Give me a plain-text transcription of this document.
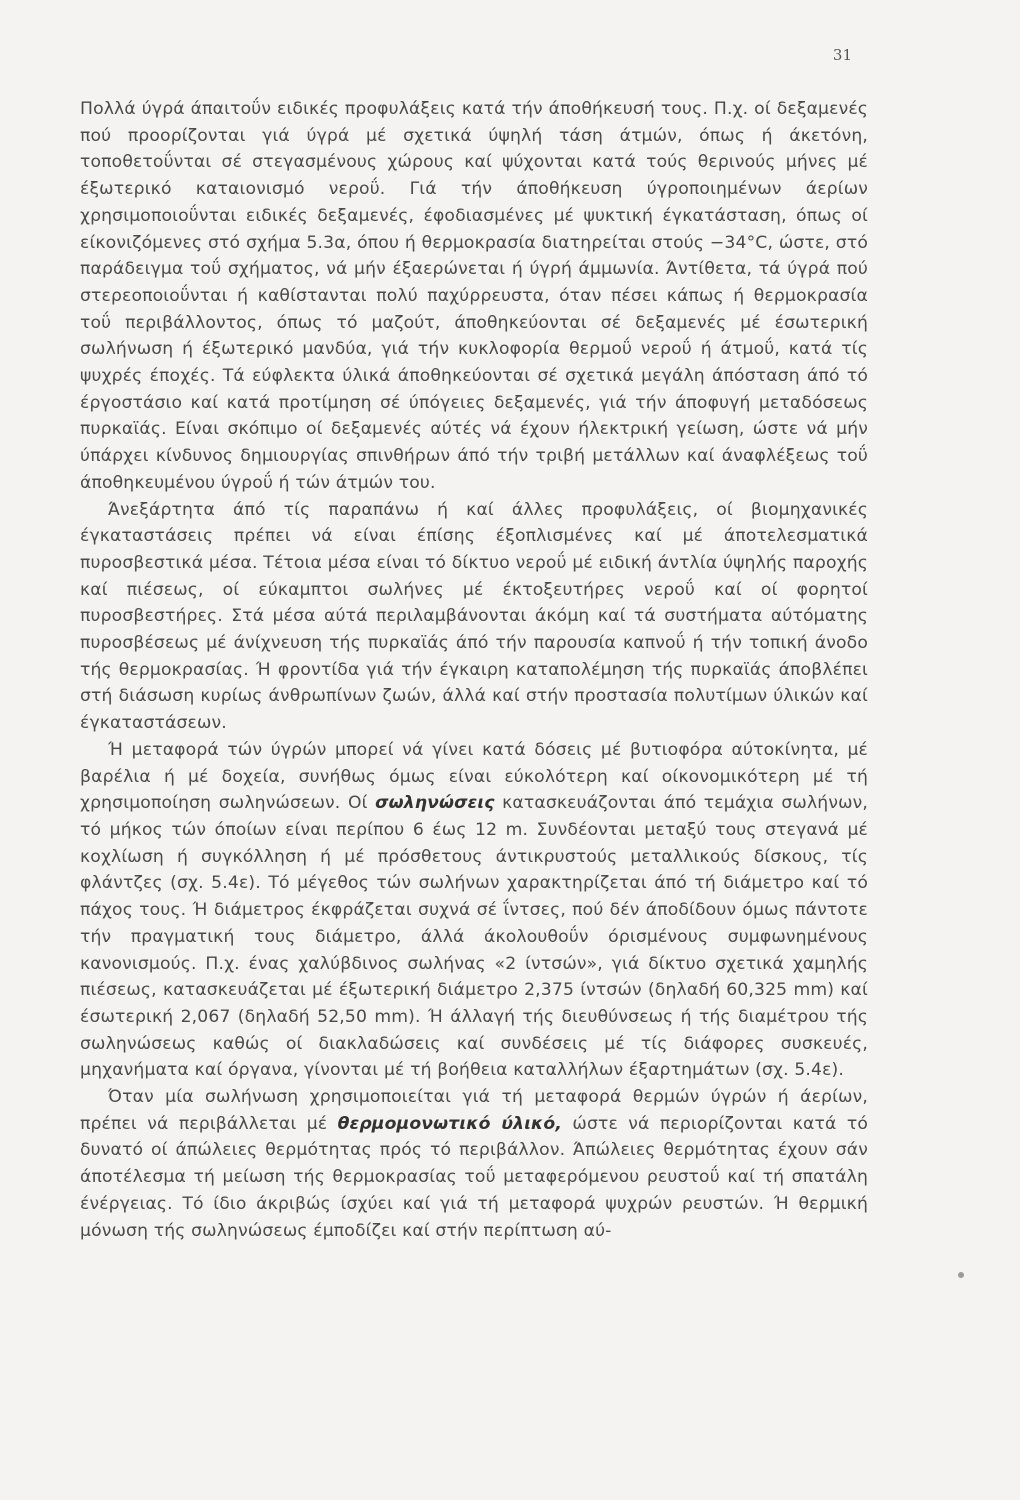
31

Πολλά ύγρά άπαιτοΰν ειδικές προφυλάξεις κατά τήν άποθήκευσή τους. Π.χ. οί δεξαμενές πού προορίζονται γιά ύγρά μέ σχετικά ύψηλή τάση άτμών, όπως ή άκετόνη, τοποθετοΰνται σέ στεγασμένους χώρους καί ψύχονται κατά τούς θερινούς μήνες μέ έξωτερικό καταιονισμό νεροΰ. Γιά τήν άποθήκευση ύγροποιημένων άερίων χρησιμοποιοΰνται ειδικές δεξαμενές, έφοδιασμένες μέ ψυκτική έγκατάσταση, όπως οί είκονιζόμενες στό σχήμα 5.3α, όπου ή θερμοκρασία διατηρείται στούς −34°C, ώστε, στό παράδειγμα τοΰ σχήματος, νά μήν έξαερώνεται ή ύγρή άμμωνία. Άντίθετα, τά ύγρά πού στερεοποιοΰνται ή καθίστανται πολύ παχύρρευστα, όταν πέσει κάπως ή θερμοκρασία τοΰ περιβάλλοντος, όπως τό μαζούτ, άποθηκεύονται σέ δεξαμενές μέ έσωτερική σωλήνωση ή έξωτερικό μανδύα, γιά τήν κυκλοφορία θερμοΰ νεροΰ ή άτμοΰ, κατά τίς ψυχρές έποχές. Τά εύφλεκτα ύλικά άποθηκεύονται σέ σχετικά μεγάλη άπόσταση άπό τό έργοστάσιο καί κατά προτίμηση σέ ύπόγειες δεξαμενές, γιά τήν άποφυγή μεταδόσεως πυρκαϊάς. Είναι σκόπιμο οί δεξαμενές αύτές νά έχουν ήλεκτρική γείωση, ώστε νά μήν ύπάρχει κίνδυνος δημιουργίας σπινθήρων άπό τήν τριβή μετάλλων καί άναφλέξεως τοΰ άποθηκευμένου ύγροΰ ή τών άτμών του.

Άνεξάρτητα άπό τίς παραπάνω ή καί άλλες προφυλάξεις, οί βιομηχανικές έγκαταστάσεις πρέπει νά είναι έπίσης έξοπλισμένες καί μέ άποτελεσματικά πυροσβεστικά μέσα. Τέτοια μέσα είναι τό δίκτυο νεροΰ μέ ειδική άντλία ύψηλής παροχής καί πιέσεως, οί εύκαμπτοι σωλήνες μέ έκτοξευτήρες νεροΰ καί οί φορητοί πυροσβεστήρες. Στά μέσα αύτά περιλαμβάνονται άκόμη καί τά συστήματα αύτόματης πυροσβέσεως μέ άνίχνευση τής πυρκαϊάς άπό τήν παρουσία καπνοΰ ή τήν τοπική άνοδο τής θερμοκρασίας. Ή φροντίδα γιά τήν έγκαιρη καταπολέμηση τής πυρκαϊάς άποβλέπει στή διάσωση κυρίως άνθρωπίνων ζωών, άλλά καί στήν προστασία πολυτίμων ύλικών καί έγκαταστάσεων.

Ή μεταφορά τών ύγρών μπορεί νά γίνει κατά δόσεις μέ βυτιοφόρα αύτοκίνητα, μέ βαρέλια ή μέ δοχεία, συνήθως όμως είναι εύκολότερη καί οίκονομικότερη μέ τή χρησιμοποίηση σωληνώσεων. Οί σωληνώσεις κατασκευάζονται άπό τεμάχια σωλήνων, τό μήκος τών όποίων είναι περίπου 6 έως 12 m. Συνδέονται μεταξύ τους στεγανά μέ κοχλίωση ή συγκόλληση ή μέ πρόσθετους άντικρυστούς μεταλλικούς δίσκους, τίς φλάντζες (σχ. 5.4ε). Τό μέγεθος τών σωλήνων χαρακτηρίζεται άπό τή διάμετρο καί τό πάχος τους. Ή διάμετρος έκφράζεται συχνά σέ ΐντσες, πού δέν άποδίδουν όμως πάντοτε τήν πραγματική τους διάμετρο, άλλά άκολουθοΰν όρισμένους συμφωνημένους κανονισμούς. Π.χ. ένας χαλύβδινος σωλήνας «2 ίντσών», γιά δίκτυο σχετικά χαμηλής πιέσεως, κατασκευάζεται μέ έξωτερική διάμετρο 2,375 ίντσών (δηλαδή 60,325 mm) καί έσωτερική 2,067 (δηλαδή 52,50 mm). Ή άλλαγή τής διευθύνσεως ή τής διαμέτρου τής σωληνώσεως καθώς οί διακλαδώσεις καί συνδέσεις μέ τίς διάφορες συσκευές, μηχανήματα καί όργανα, γίνονται μέ τή βοήθεια καταλλήλων έξαρτημάτων (σχ. 5.4ε).

Όταν μία σωλήνωση χρησιμοποιείται γιά τή μεταφορά θερμών ύγρών ή άερίων, πρέπει νά περιβάλλεται μέ θερμομονωτικό ύλικό, ώστε νά περιορίζονται κατά τό δυνατό οί άπώλειες θερμότητας πρός τό περιβάλλον. Άπώλειες θερμότητας έχουν σάν άποτέλεσμα τή μείωση τής θερμοκρασίας τοΰ μεταφερόμενου ρευστοΰ καί τή σπατάλη ένέργειας. Τό ίδιο άκριβώς ίσχύει καί γιά τή μεταφορά ψυχρών ρευστών. Ή θερμική μόνωση τής σωληνώσεως έμποδίζει καί στήν περίπτωση αύ-
